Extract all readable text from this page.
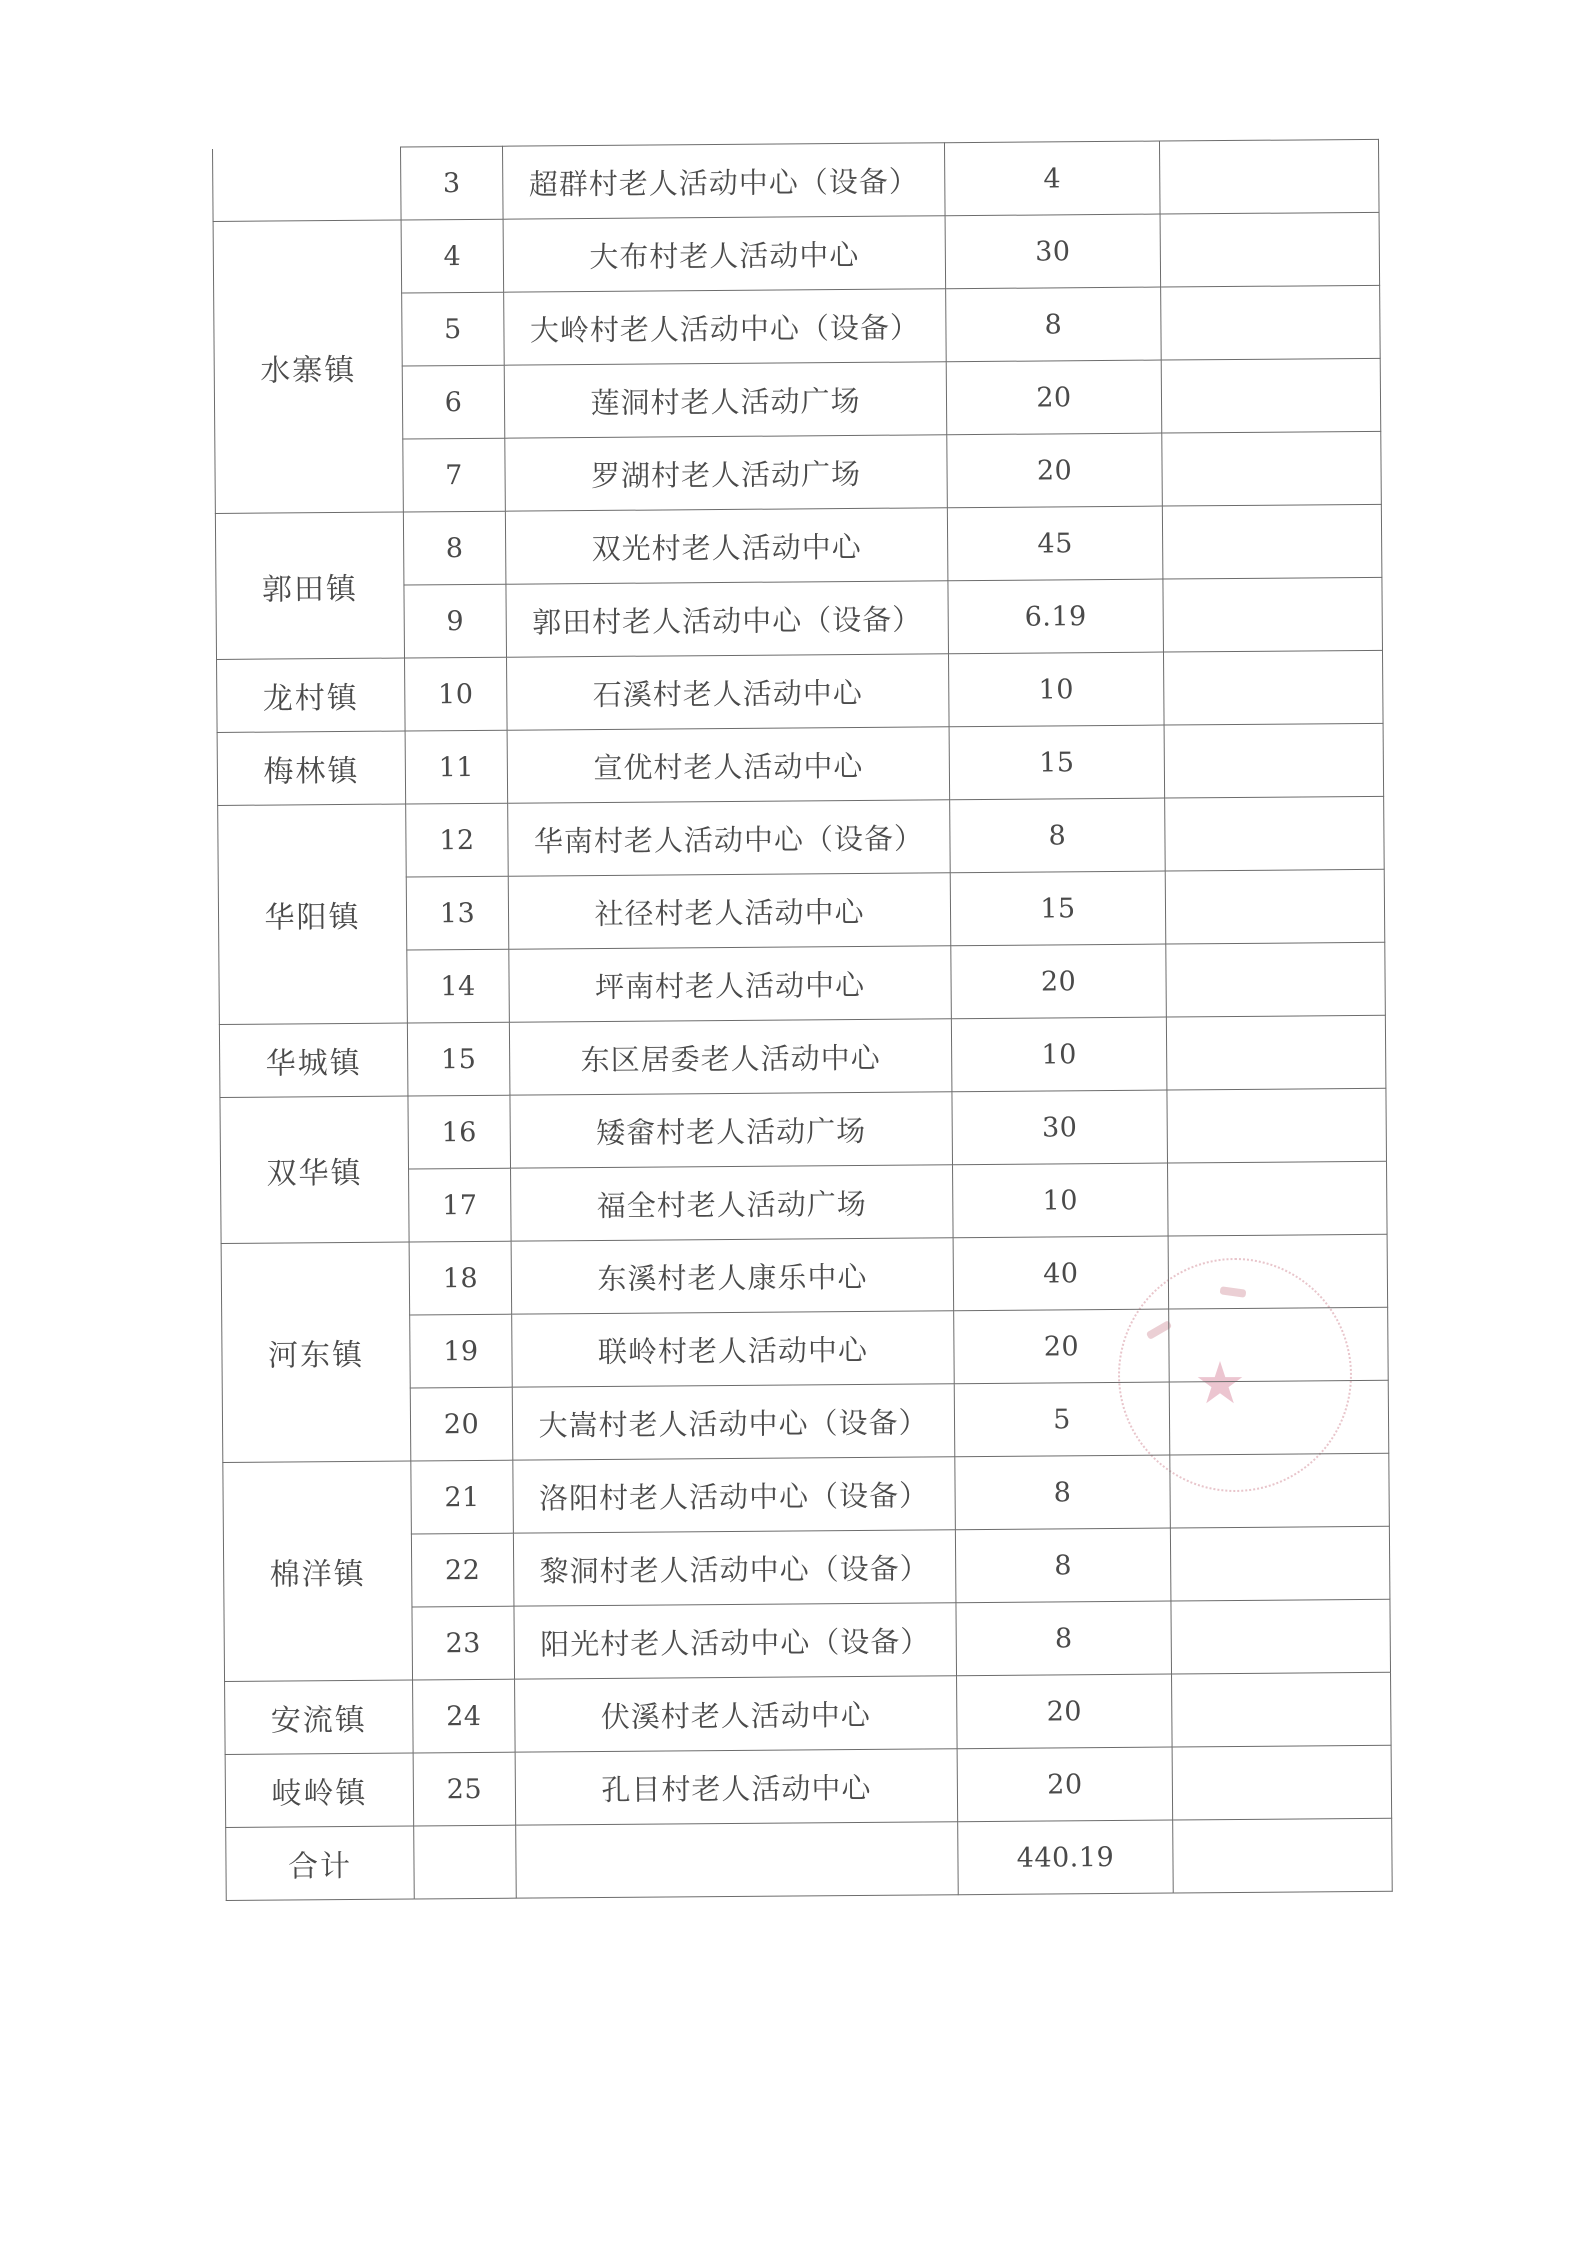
★
	3	超群村老人活动中心（设备）	4	
水寨镇	4	大布村老人活动中心	30	
	5	大岭村老人活动中心（设备）	8	
	6	莲洞村老人活动广场	20	
	7	罗湖村老人活动广场	20	
郭田镇	8	双光村老人活动中心	45	
	9	郭田村老人活动中心（设备）	6.19	
龙村镇	10	石溪村老人活动中心	10	
梅林镇	11	宣优村老人活动中心	15	
华阳镇	12	华南村老人活动中心（设备）	8	
	13	社径村老人活动中心	15	
	14	坪南村老人活动中心	20	
华城镇	15	东区居委老人活动中心	10	
双华镇	16	矮畲村老人活动广场	30	
	17	福全村老人活动广场	10	
河东镇	18	东溪村老人康乐中心	40	
	19	联岭村老人活动中心	20	
	20	大嵩村老人活动中心（设备）	5	
棉洋镇	21	洛阳村老人活动中心（设备）	8	
	22	黎洞村老人活动中心（设备）	8	
	23	阳光村老人活动中心（设备）	8	
安流镇	24	伏溪村老人活动中心	20	
岐岭镇	25	孔目村老人活动中心	20	
合计			440.19	
